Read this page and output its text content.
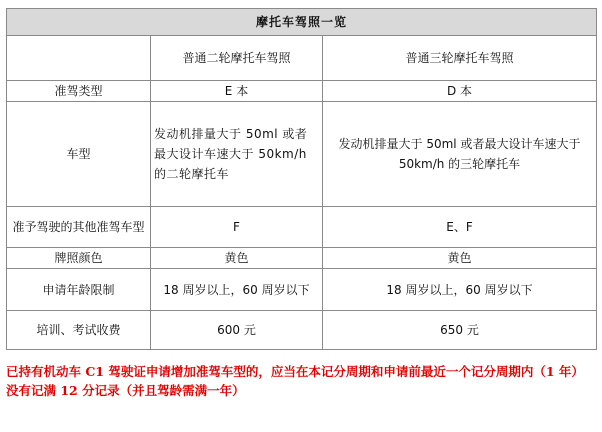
摩托车驾照一览		
	普通二轮摩托车驾照	普通三轮摩托车驾照
准驾类型	E 本	D 本
车型	发动机排量大于 50ml 或者最大设计车速大于 50km/h 的二轮摩托车	发动机排量大于 50ml 或者最大设计车速大于 50km/h 的三轮摩托车
准予驾驶的其他准驾车型	F	E、F
牌照颜色	黄色	黄色
申请年龄限制	18 周岁以上，60 周岁以下	18 周岁以上，60 周岁以下
培训、考试收费	600 元	650 元
已持有机动车 C1 驾驶证申请增加准驾车型的，应当在本记分周期和申请前最近一个记分周期内（1 年）没有记满 12 分记录（并且驾龄需满一年）
